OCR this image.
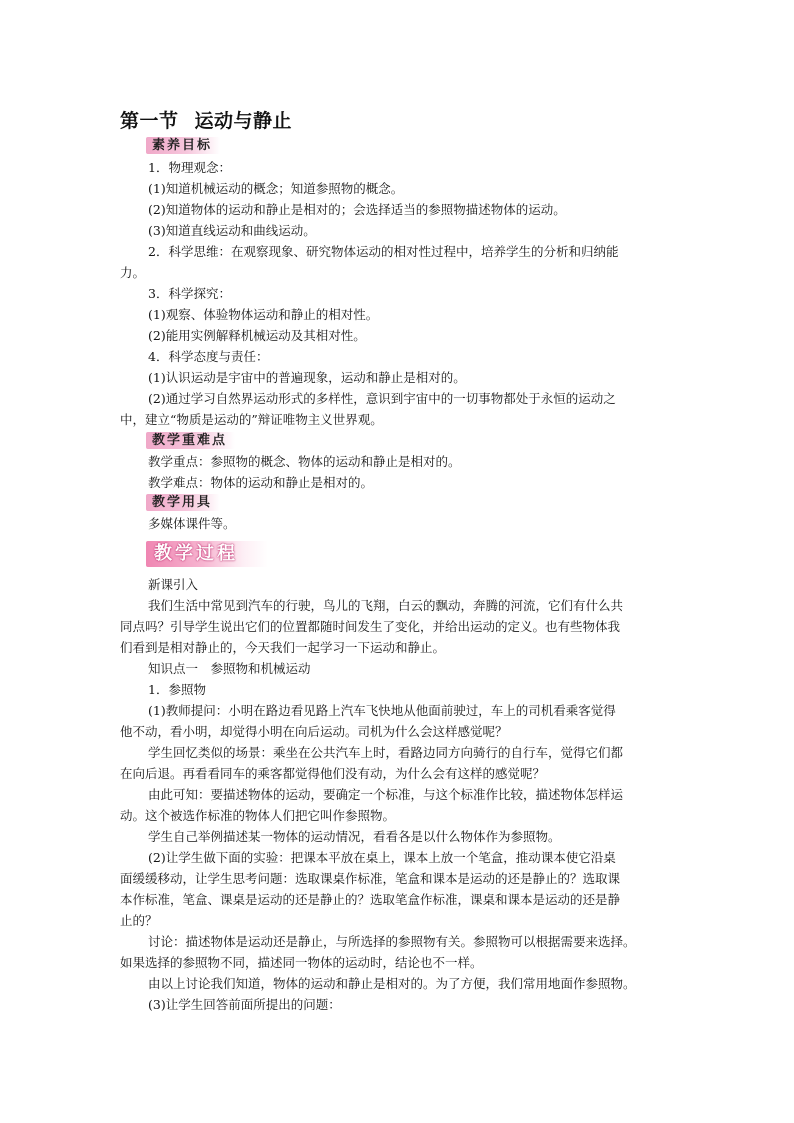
第一节 运动与静止
素养目标
1．物理观念：
(1)知道机械运动的概念；知道参照物的概念。
(2)知道物体的运动和静止是相对的；会选择适当的参照物描述物体的运动。
(3)知道直线运动和曲线运动。
2．科学思维：在观察现象、研究物体运动的相对性过程中，培养学生的分析和归纳能
力。
3．科学探究：
(1)观察、体验物体运动和静止的相对性。
(2)能用实例解释机械运动及其相对性。
4．科学态度与责任：
(1)认识运动是宇宙中的普遍现象，运动和静止是相对的。
(2)通过学习自然界运动形式的多样性，意识到宇宙中的一切事物都处于永恒的运动之
中，建立“物质是运动的”辩证唯物主义世界观。
教学重难点
教学重点：参照物的概念、物体的运动和静止是相对的。
教学难点：物体的运动和静止是相对的。
教学用具
多媒体课件等。
教学过程
新课引入
我们生活中常见到汽车的行驶，鸟儿的飞翔，白云的飘动，奔腾的河流，它们有什么共
同点吗？引导学生说出它们的位置都随时间发生了变化，并给出运动的定义。也有些物体我
们看到是相对静止的，今天我们一起学习一下运动和静止。
知识点一　参照物和机械运动
1．参照物
(1)教师提问：小明在路边看见路上汽车飞快地从他面前驶过，车上的司机看乘客觉得
他不动，看小明，却觉得小明在向后运动。司机为什么会这样感觉呢？
学生回忆类似的场景：乘坐在公共汽车上时，看路边同方向骑行的自行车，觉得它们都
在向后退。再看看同车的乘客都觉得他们没有动，为什么会有这样的感觉呢？
由此可知：要描述物体的运动，要确定一个标准，与这个标准作比较，描述物体怎样运
动。这个被选作标准的物体人们把它叫作参照物。
学生自己举例描述某一物体的运动情况，看看各是以什么物体作为参照物。
(2)让学生做下面的实验：把课本平放在桌上，课本上放一个笔盒，推动课本使它沿桌
面缓缓移动，让学生思考问题：选取课桌作标准，笔盒和课本是运动的还是静止的？选取课
本作标准，笔盒、课桌是运动的还是静止的？选取笔盒作标准，课桌和课本是运动的还是静
止的？
讨论：描述物体是运动还是静止，与所选择的参照物有关。参照物可以根据需要来选择。
如果选择的参照物不同，描述同一物体的运动时，结论也不一样。
由以上讨论我们知道，物体的运动和静止是相对的。为了方便，我们常用地面作参照物。
(3)让学生回答前面所提出的问题：
